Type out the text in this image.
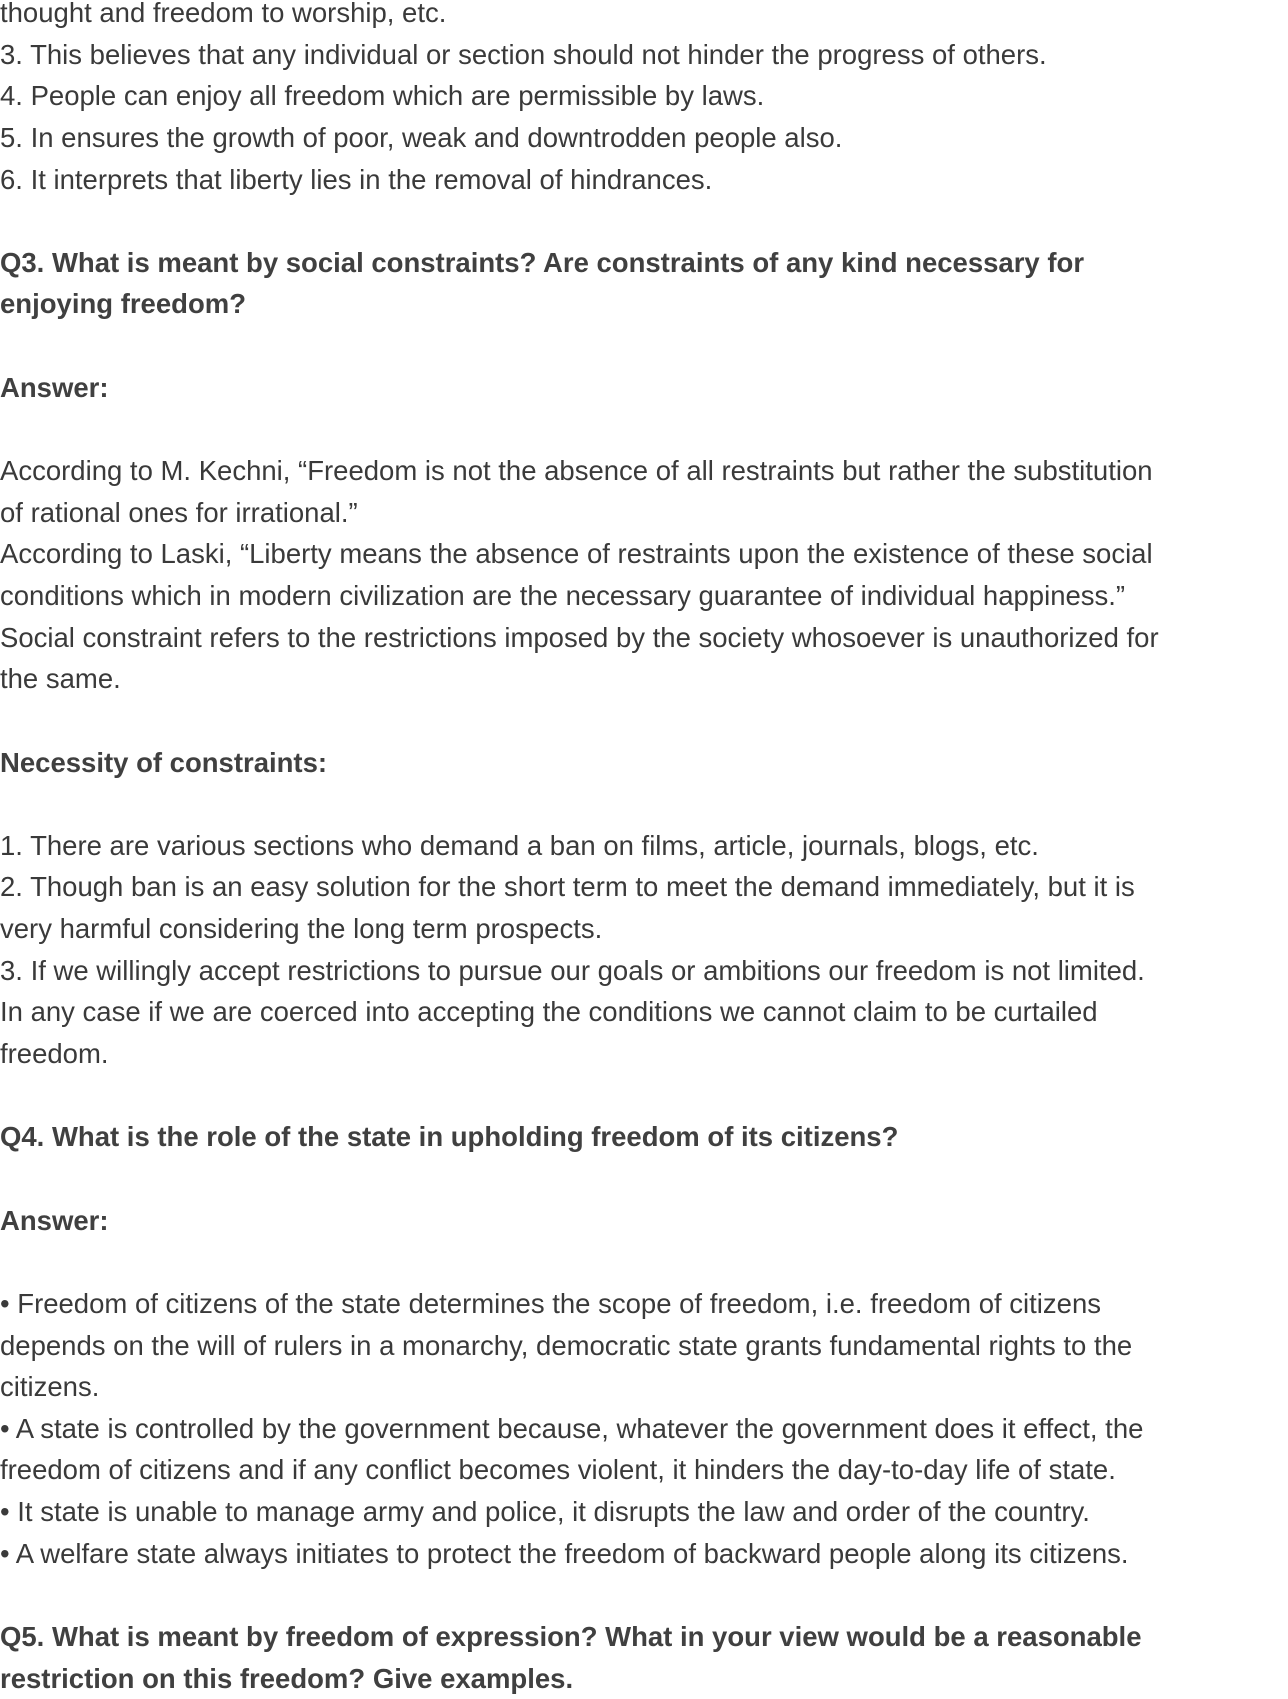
thought and freedom to worship, etc.
3. This believes that any individual or section should not hinder the progress of others.
4. People can enjoy all freedom which are permissible by laws.
5. In ensures the growth of poor, weak and downtrodden people also.
6. It interprets that liberty lies in the removal of hindrances.
Q3. What is meant by social constraints? Are constraints of any kind necessary for
enjoying freedom?
Answer:
According to M. Kechni, “Freedom is not the absence of all restraints but rather the substitution
of rational ones for irrational.”
According to Laski, “Liberty means the absence of restraints upon the existence of these social
conditions which in modern civilization are the necessary guarantee of individual happiness.”
Social constraint refers to the restrictions imposed by the society whosoever is unauthorized for
the same.
Necessity of constraints:
1. There are various sections who demand a ban on films, article, journals, blogs, etc.
2. Though ban is an easy solution for the short term to meet the demand immediately, but it is
very harmful considering the long term prospects.
3. If we willingly accept restrictions to pursue our goals or ambitions our freedom is not limited.
In any case if we are coerced into accepting the conditions we cannot claim to be curtailed
freedom.
Q4. What is the role of the state in upholding freedom of its citizens?
Answer:
• Freedom of citizens of the state determines the scope of freedom, i.e. freedom of citizens
depends on the will of rulers in a monarchy, democratic state grants fundamental rights to the
citizens.
• A state is controlled by the government because, whatever the government does it effect, the
freedom of citizens and if any conflict becomes violent, it hinders the day-to-day life of state.
• It state is unable to manage army and police, it disrupts the law and order of the country.
• A welfare state always initiates to protect the freedom of backward people along its citizens.
Q5. What is meant by freedom of expression? What in your view would be a reasonable
restriction on this freedom? Give examples.
